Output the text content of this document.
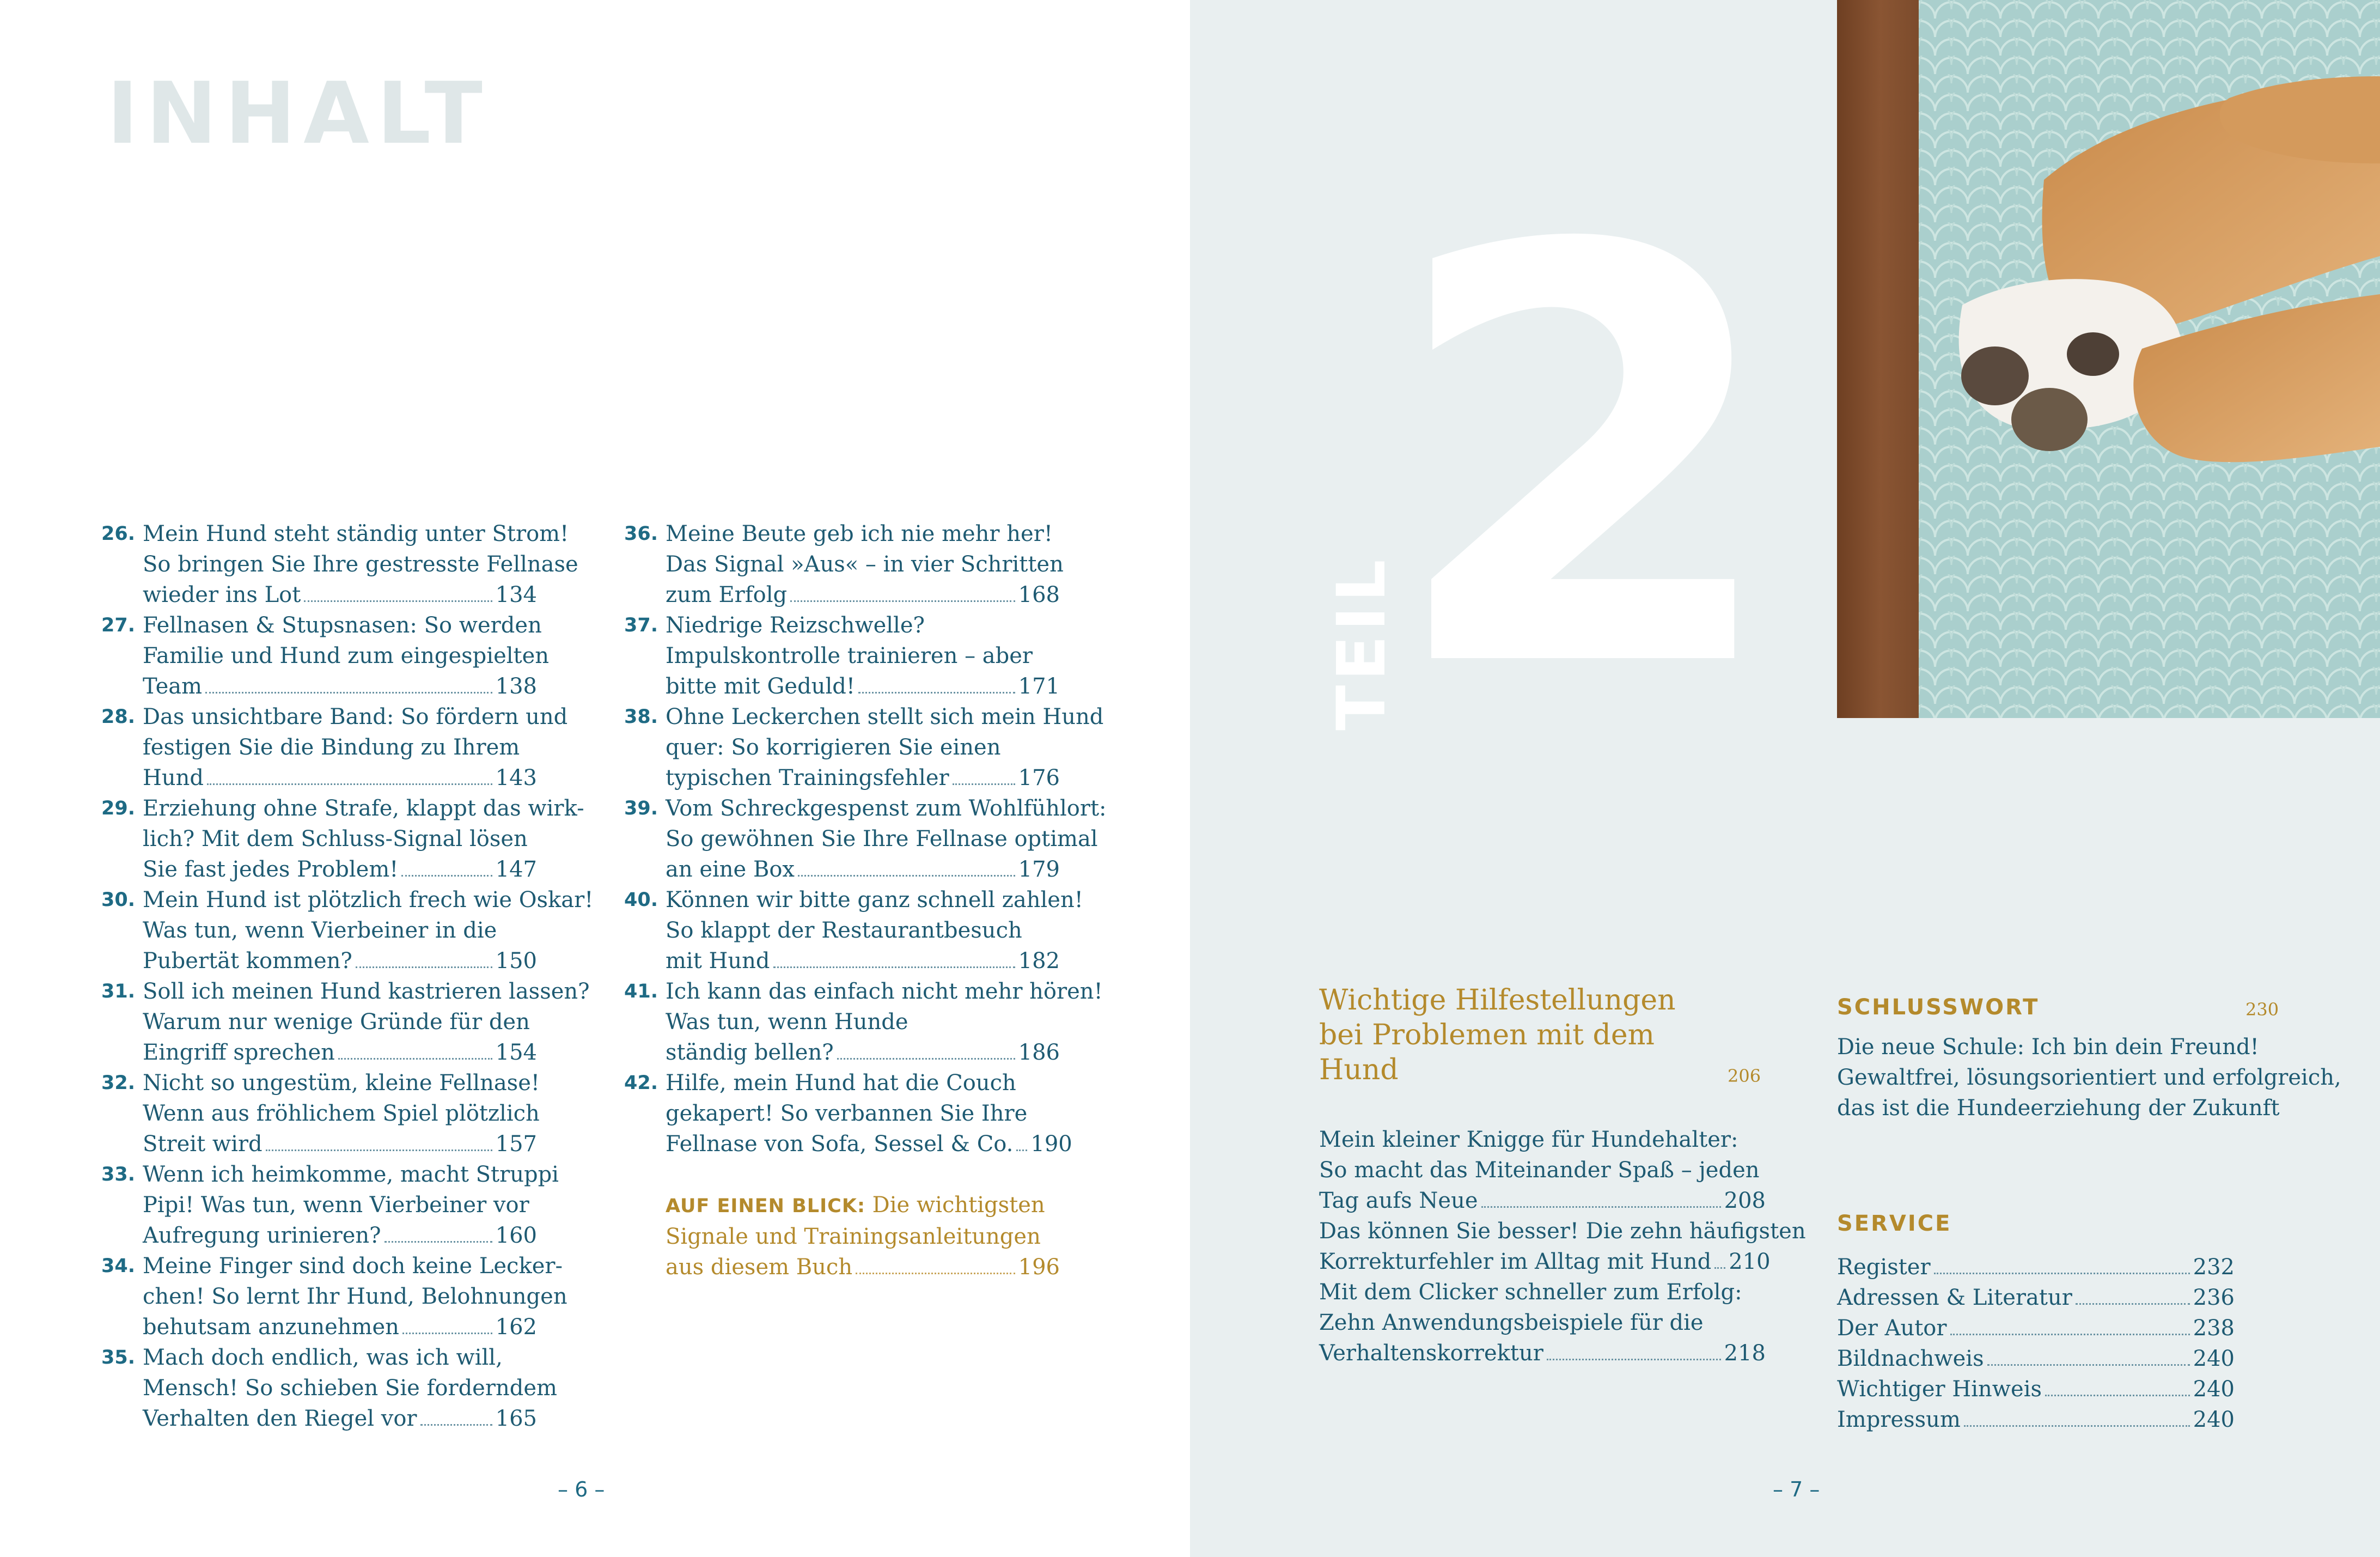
INHALT
26. Mein Hund steht ständig unter Strom!
So bringen Sie Ihre gestresste Fellnase
wieder ins Lot	134
27. Fellnasen & Stupsnasen: So werden
Familie und Hund zum eingespielten
Team	138
28. Das unsichtbare Band: So fördern und
festigen Sie die Bindung zu Ihrem
Hund	143
29. Erziehung ohne Strafe, klappt das wirk-
lich? Mit dem Schluss-Signal lösen
Sie fast jedes Problem!	147
30. Mein Hund ist plötzlich frech wie Oskar!
Was tun, wenn Vierbeiner in die
Pubertät kommen?	150
31. Soll ich meinen Hund kastrieren lassen?
Warum nur wenige Gründe für den
Eingriff sprechen	154
32. Nicht so ungestüm, kleine Fellnase!
Wenn aus fröhlichem Spiel plötzlich
Streit wird	157
33. Wenn ich heimkomme, macht Struppi
Pipi! Was tun, wenn Vierbeiner vor
Aufregung urinieren?	160
34. Meine Finger sind doch keine Lecker-
chen! So lernt Ihr Hund, Belohnungen
behutsam anzunehmen	162
35. Mach doch endlich, was ich will,
Mensch! So schieben Sie forderndem
Verhalten den Riegel vor	165
36. Meine Beute geb ich nie mehr her!
Das Signal »Aus« – in vier Schritten
zum Erfolg	168
37. Niedrige Reizschwelle?
Impulskontrolle trainieren – aber
bitte mit Geduld!	171
38. Ohne Leckerchen stellt sich mein Hund
quer: So korrigieren Sie einen
typischen Trainingsfehler	176
39. Vom Schreckgespenst zum Wohlfühlort:
So gewöhnen Sie Ihre Fellnase optimal
an eine Box	179
40. Können wir bitte ganz schnell zahlen!
So klappt der Restaurantbesuch
mit Hund	182
41. Ich kann das einfach nicht mehr hören!
Was tun, wenn Hunde
ständig bellen?	186
42. Hilfe, mein Hund hat die Couch
gekapert! So verbannen Sie Ihre
Fellnase von Sofa, Sessel & Co. 190
AUF EINEN BLICK: Die wichtigsten
Signale und Trainingsanleitungen
aus diesem Buch	196
– 6 –
2
TEIL
Wichtige Hilfestellungen
bei Problemen mit dem
Hund	206
Mein kleiner Knigge für Hundehalter:
So macht das Miteinander Spaß – jeden
Tag aufs Neue	208
Das können Sie besser! Die zehn häufigsten
Korrekturfehler im Alltag mit Hund 210
Mit dem Clicker schneller zum Erfolg:
Zehn Anwendungsbeispiele für die
Verhaltenskorrektur	218
SCHLUSSWORT	230
Die neue Schule: Ich bin dein Freund!
Gewaltfrei, lösungsorientiert und erfolgreich,
das ist die Hundeerziehung der Zukunft
SERVICE
Register	232
Adressen & Literatur	236
Der Autor	238
Bildnachweis	240
Wichtiger Hinweis	240
Impressum	240
– 7 –
